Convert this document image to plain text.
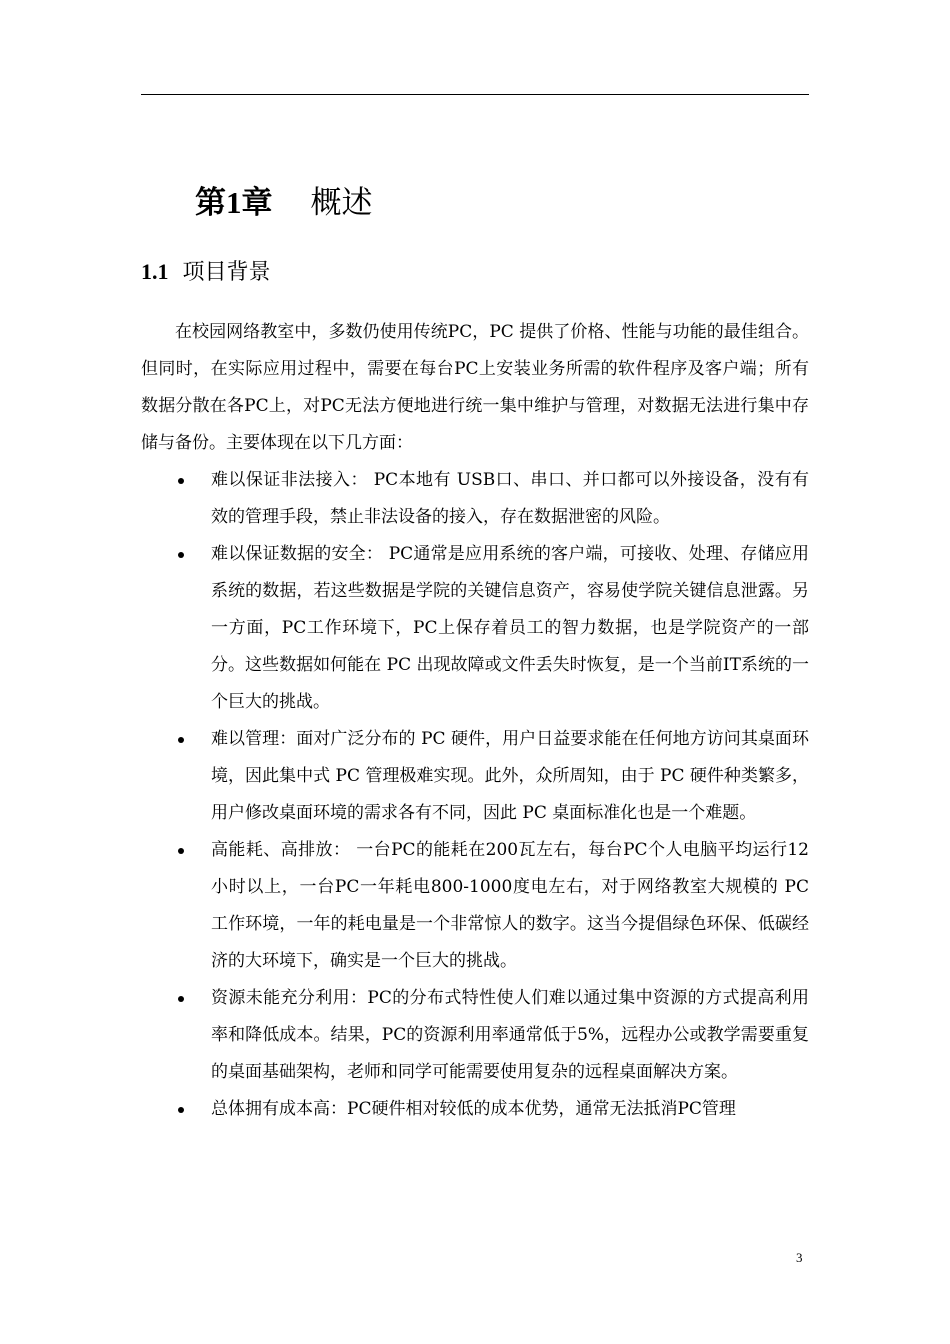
第1章 概述
1.1 项目背景

在校园网络教室中，多数仍使用传统PC，PC 提供了价格、性能与功能的最佳组合。但同时，在实际应用过程中，需要在每台PC上安装业务所需的软件程序及客户端；所有数据分散在各PC上，对PC无法方便地进行统一集中维护与管理，对数据无法进行集中存储与备份。主要体现在以下几方面：

难以保证非法接入： PC本地有 USB口、串口、并口都可以外接设备，没有有效的管理手段，禁止非法设备的接入，存在数据泄密的风险。
难以保证数据的安全： PC通常是应用系统的客户端，可接收、处理、存储应用系统的数据，若这些数据是学院的关键信息资产，容易使学院关键信息泄露。另一方面，PC工作环境下，PC上保存着员工的智力数据，也是学院资产的一部分。这些数据如何能在 PC 出现故障或文件丢失时恢复，是一个当前IT系统的一个巨大的挑战。
难以管理：面对广泛分布的 PC 硬件，用户日益要求能在任何地方访问其桌面环境，因此集中式 PC 管理极难实现。此外，众所周知，由于 PC 硬件种类繁多，用户修改桌面环境的需求各有不同，因此 PC 桌面标准化也是一个难题。
高能耗、高排放： 一台PC的能耗在200瓦左右，每台PC个人电脑平均运行12小时以上，一台PC一年耗电800-1000度电左右，对于网络教室大规模的 PC 工作环境，一年的耗电量是一个非常惊人的数字。这当今提倡绿色环保、低碳经济的大环境下，确实是一个巨大的挑战。
资源未能充分利用：PC的分布式特性使人们难以通过集中资源的方式提高利用率和降低成本。结果，PC的资源利用率通常低于5%，远程办公或教学需要重复的桌面基础架构，老师和同学可能需要使用复杂的远程桌面解决方案。
总体拥有成本高：PC硬件相对较低的成本优势，通常无法抵消PC管理
3
